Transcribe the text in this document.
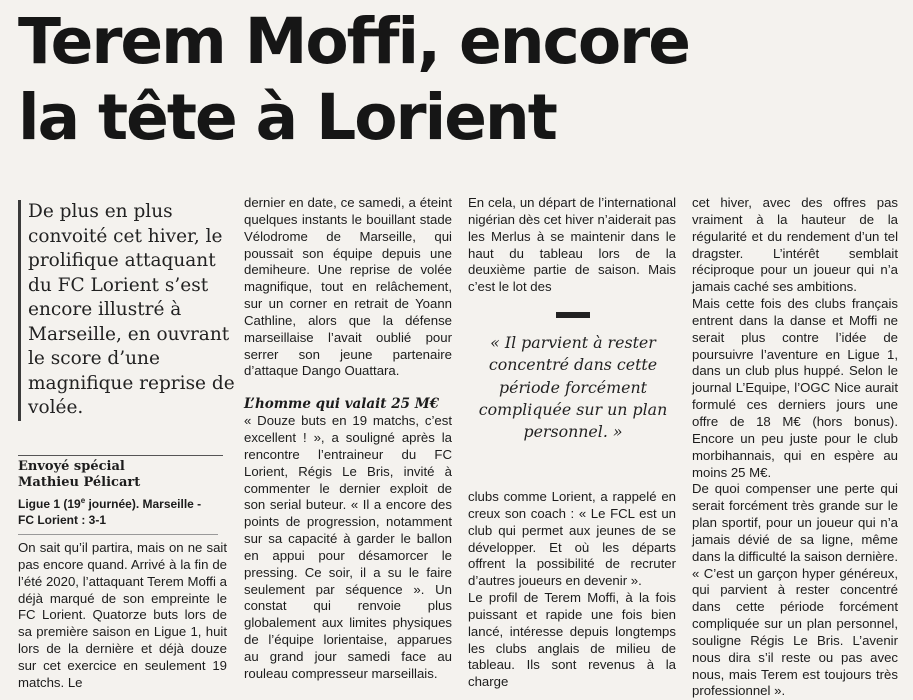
Terem Moffi, encore
la tête à Lorient
De plus en plus convoité cet hiver, le prolifique attaquant du FC Lorient s’est encore illustré à Marseille, en ouvrant le score d’une magnifique reprise de volée.
Envoyé spécial
Mathieu Pélicart
Ligue 1 (19e journée). Marseille -
FC Lorient : 3-1

On sait qu’il partira, mais on ne sait pas encore quand. Arrivé à la fin de l’été 2020, l’attaquant Terem Moffi a déjà marqué de son empreinte le FC Lorient. Quatorze buts lors de sa première saison en Ligue 1, huit lors de la dernière et déjà douze sur cet exercice en seulement 19 matchs. Le

dernier en date, ce samedi, a éteint quelques instants le bouillant stade Vélodrome de Marseille, qui poussait son équipe depuis une demiheure. Une reprise de volée magnifique, tout en relâchement, sur un corner en retrait de Yoann Cathline, alors que la défense marseillaise l’avait oublié pour serrer son jeune partenaire d’attaque Dango Ouattara.

L’homme qui valait 25 M€

« Douze buts en 19 matchs, c’est excellent ! », a souligné après la rencontre l’entraineur du FC Lorient, Régis Le Bris, invité à commenter le dernier exploit de son serial buteur. « Il a encore des points de progression, notamment sur sa capacité à garder le ballon en appui pour désamorcer le pressing. Ce soir, il a su le faire seulement par séquence ». Un constat qui renvoie plus globalement aux limites physiques de l’équipe lorientaise, apparues au grand jour samedi face au rouleau compresseur marseillais.

En cela, un départ de l’international nigérian dès cet hiver n’aiderait pas les Merlus à se maintenir dans le haut du tableau lors de la deuxième partie de saison. Mais c’est le lot des

« Il parvient à rester concentré dans cette période forcément compliquée sur un plan personnel. »

clubs comme Lorient, a rappelé en creux son coach : « Le FCL est un club qui permet aux jeunes de se développer. Et où les départs offrent la possibilité de recruter d’autres joueurs en devenir ».

Le profil de Terem Moffi, à la fois puissant et rapide une fois bien lancé, intéresse depuis longtemps les clubs anglais de milieu de tableau. Ils sont revenus à la charge

cet hiver, avec des offres pas vraiment à la hauteur de la régularité et du rendement d’un tel dragster. L’intérêt semblait réciproque pour un joueur qui n’a jamais caché ses ambitions.

Mais cette fois des clubs français entrent dans la danse et Moffi ne serait plus contre l’idée de poursuivre l’aventure en Ligue 1, dans un club plus huppé. Selon le journal L’Equipe, l’OGC Nice aurait formulé ces derniers jours une offre de 18 M€ (hors bonus). Encore un peu juste pour le club morbihannais, qui en espère au moins 25 M€.

De quoi compenser une perte qui serait forcément très grande sur le plan sportif, pour un joueur qui n’a jamais dévié de sa ligne, même dans la difficulté la saison dernière. « C’est un garçon hyper généreux, qui parvient à rester concentré dans cette période forcément compliquée sur un plan personnel, souligne Régis Le Bris. L’avenir nous dira s’il reste ou pas avec nous, mais Terem est toujours très professionnel ».
